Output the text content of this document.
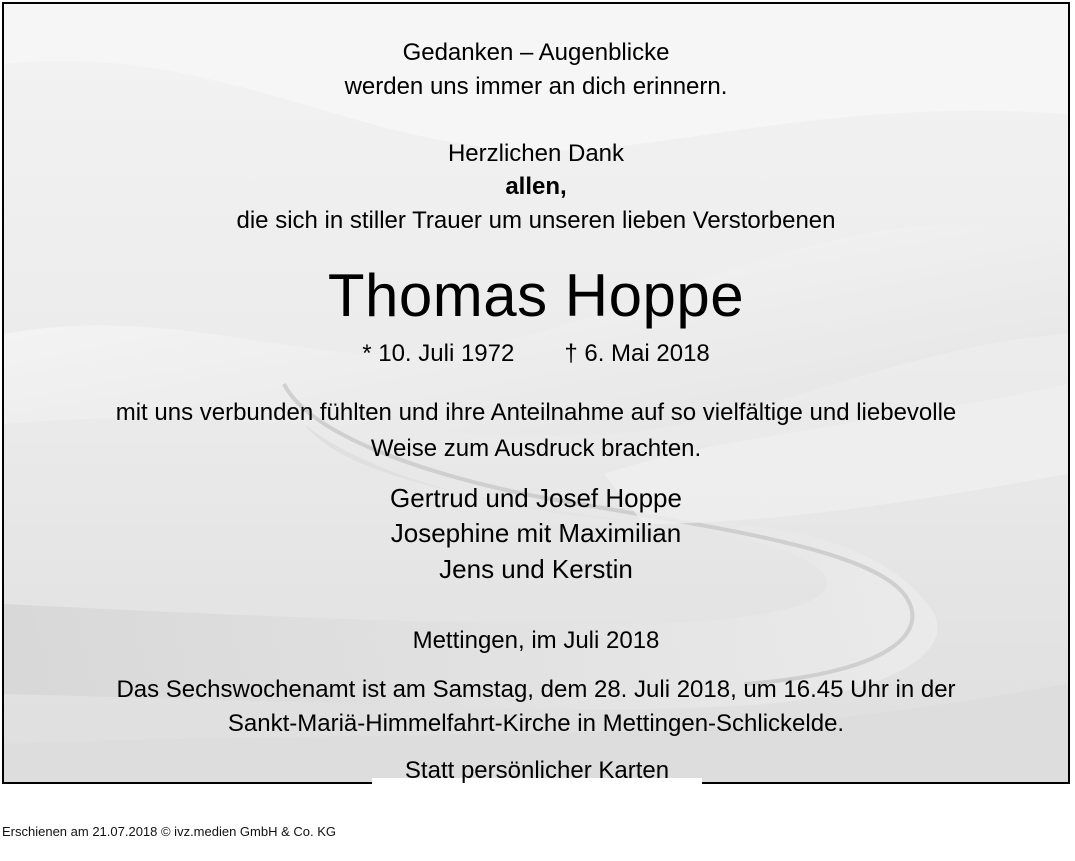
Gedanken – Augenblicke
werden uns immer an dich erinnern.
Herzlichen Dank
allen,
die sich in stiller Trauer um unseren lieben Verstorbenen
Thomas Hoppe
* 10. Juli 1972 † 6. Mai 2018
mit uns verbunden fühlten und ihre Anteilnahme auf so vielfältige und liebevolle
Weise zum Ausdruck brachten.
Gertrud und Josef Hoppe
Josephine mit Maximilian
Jens und Kerstin
Mettingen, im Juli 2018
Das Sechswochenamt ist am Samstag, dem 28. Juli 2018, um 16.45 Uhr in der
Sankt-Mariä-Himmelfahrt-Kirche in Mettingen-Schlickelde.
Statt persönlicher Karten
Erschienen am 21.07.2018 © ivz.medien GmbH & Co. KG
